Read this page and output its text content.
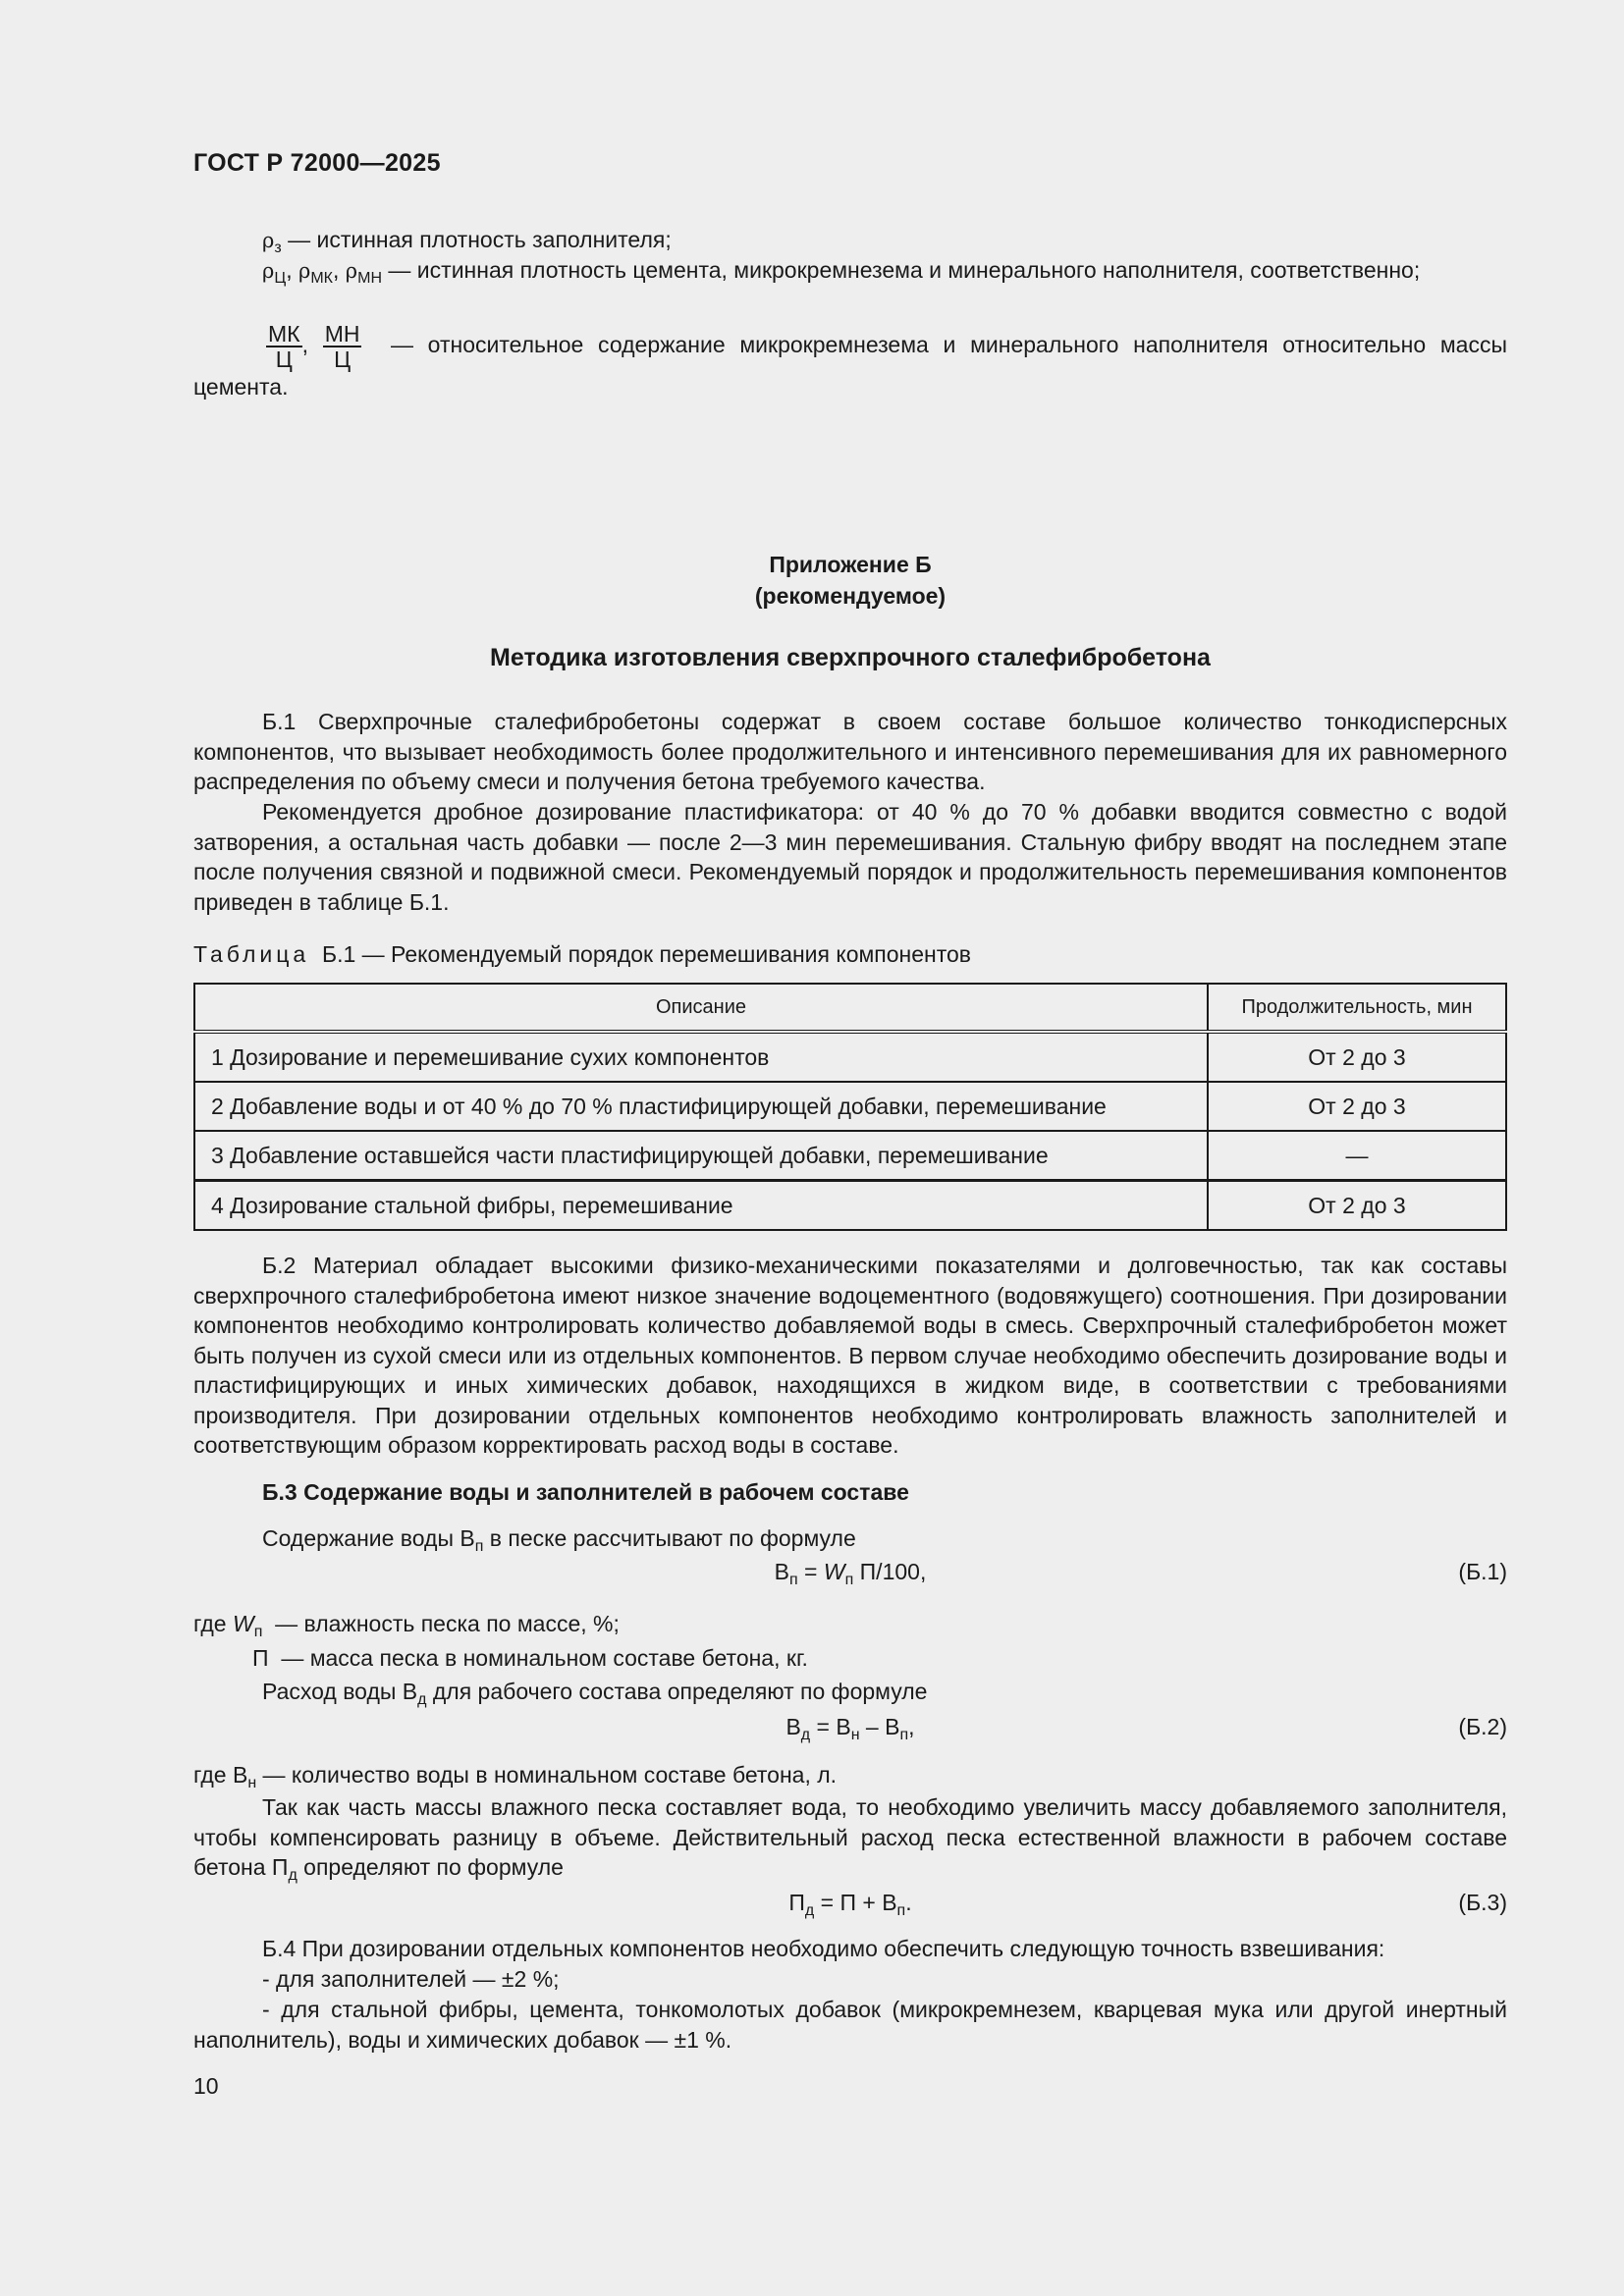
ГОСТ Р 72000—2025
$\rho_з$ — истинная плотность заполнителя;
$\rho_Ц$, $\rho_{МК}$, $\rho_{МН}$ — истинная плотность цемента, микрокремнезема и минерального наполнителя, соответственно;
$\frac{МК}{Ц}$ , $\frac{МН}{Ц}$ — относительное содержание микрокремнезема и минерального наполнителя относительно массы цемента.
Приложение Б
(рекомендуемое)
Методика изготовления сверхпрочного сталефибробетона
Б.1 Сверхпрочные сталефибробетоны содержат в своем составе большое количество тонкодисперсных компонентов, что вызывает необходимость более продолжительного и интенсивного перемешивания для их равномерного распределения по объему смеси и получения бетона требуемого качества.
Рекомендуется дробное дозирование пластификатора: от 40 % до 70 % добавки вводится совместно с водой затворения, а остальная часть добавки — после 2—3 мин перемешивания. Стальную фибру вводят на последнем этапе после получения связной и подвижной смеси. Рекомендуемый порядок и продолжительность перемешивания компонентов приведен в таблице Б.1.
Таблица Б.1 — Рекомендуемый порядок перемешивания компонентов
Описание	Продолжительность, мин
1 Дозирование и перемешивание сухих компонентов	От 2 до 3
2 Добавление воды и от 40 % до 70 % пластифицирующей добавки, перемешивание	От 2 до 3
3 Добавление оставшейся части пластифицирующей добавки, перемешивание	—
4 Дозирование стальной фибры, перемешивание	От 2 до 3
Б.2 Материал обладает высокими физико-механическими показателями и долговечностью, так как составы сверхпрочного сталефибробетона имеют низкое значение водоцементного (водовяжущего) соотношения. При дозировании компонентов необходимо контролировать количество добавляемой воды в смесь. Сверхпрочный сталефибробетон может быть получен из сухой смеси или из отдельных компонентов. В первом случае необходимо обеспечить дозирование воды и пластифицирующих и иных химических добавок, находящихся в жидком виде, в соответствии с требованиями производителя. При дозировании отдельных компонентов необходимо контролировать влажность заполнителей и соответствующим образом корректировать расход воды в составе.
Б.3 Содержание воды и заполнителей в рабочем составе
Содержание воды $В_п$ в песке рассчитывают по формуле
$В_п = W_п$ П/100,	(Б.1)
где $W_п$ — влажность песка по массе, %;
П  — масса песка в номинальном составе бетона, кг.
Расход воды $В_д$ для рабочего состава определяют по формуле
$В_д = В_н - В_п$,	(Б.2)
где $В_н$ — количество воды в номинальном составе бетона, л.
Так как часть массы влажного песка составляет вода, то необходимо увеличить массу добавляемого заполнителя, чтобы компенсировать разницу в объеме. Действительный расход песка естественной влажности в рабочем составе бетона $П_д$ определяют по формуле
$П_д = П + В_п$.	(Б.3)
Б.4 При дозировании отдельных компонентов необходимо обеспечить следующую точность взвешивания:
- для заполнителей — ±2 %;
- для стальной фибры, цемента, тонкомолотых добавок (микрокремнезем, кварцевая мука или другой инертный наполнитель), воды и химических добавок — ±1 %.
10
